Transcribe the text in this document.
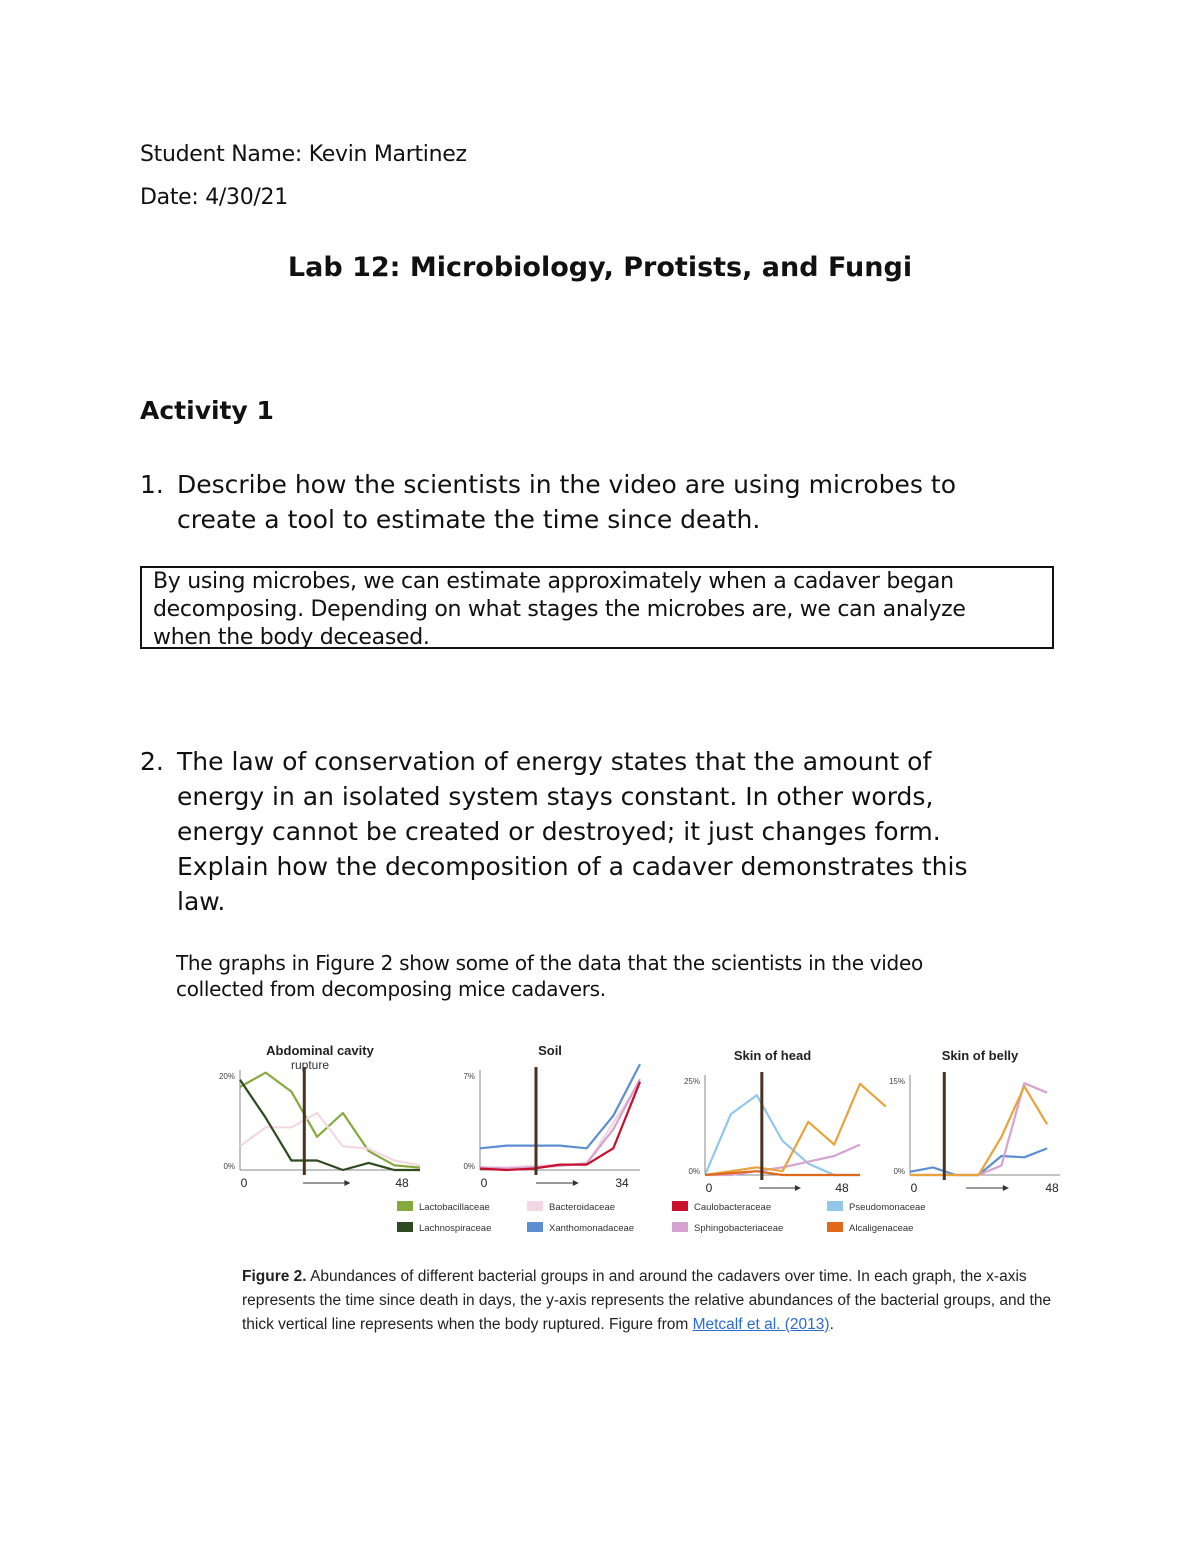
Student Name: Kevin Martinez
Date: 4/30/21
Lab 12: Microbiology, Protists, and Fungi
Activity 1
1. Describe how the scientists in the video are using microbes to
create a tool to estimate the time since death.
By using microbes, we can estimate approximately when a cadaver began
decomposing. Depending on what stages the microbes are, we can analyze
when the body deceased.
2. The law of conservation of energy states that the amount of
energy in an isolated system stays constant. In other words,
energy cannot be created or destroyed; it just changes form.
Explain how the decomposition of a cadaver demonstrates this
law.
The graphs in Figure 2 show some of the data that the scientists in the video
collected from decomposing mice cadavers.
Abdominal cavity
rupture
20%
0%
0	48
Soil
7%
0%
0	34
Skin of head
25%
0%
0	48
Skin of belly
15%
0%
0	48
Lactobacillaceae	Bacteroidaceae	Caulobacteraceae	Pseudomonaceae
Lachnospiraceae	Xanthomonadaceae	Sphingobacteriaceae	Alcaligenaceae
Figure 2. Abundances of different bacterial groups in and around the cadavers over time. In each graph, the x-axis
represents the time since death in days, the y-axis represents the relative abundances of the bacterial groups, and the
thick vertical line represents when the body ruptured. Figure from Metcalf et al. (2013).
